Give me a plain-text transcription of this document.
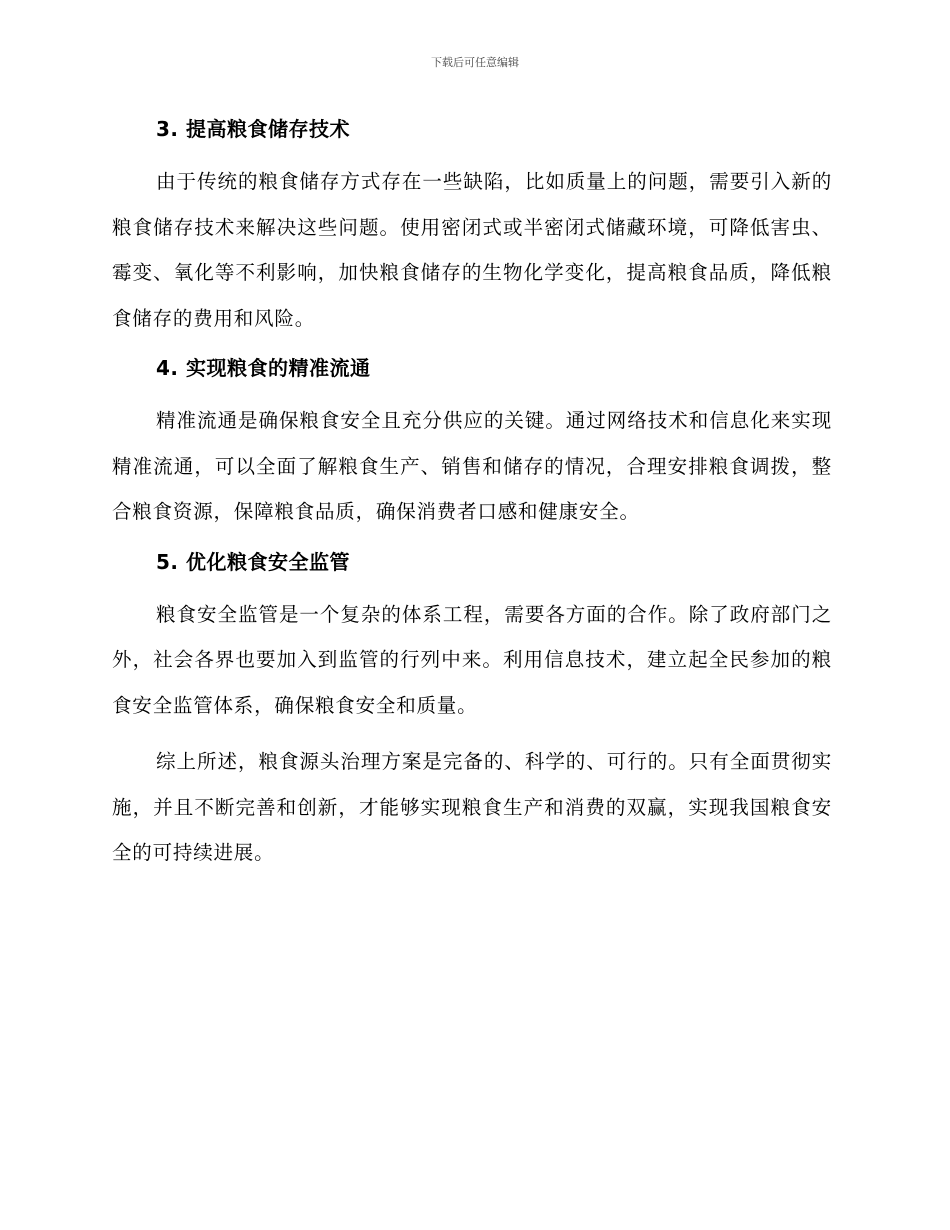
下载后可任意编辑
3. 提高粮食储存技术

由于传统的粮食储存方式存在一些缺陷，比如质量上的问题，需要引入新的粮食储存技术来解决这些问题。使用密闭式或半密闭式储藏环境，可降低害虫、霉变、氧化等不利影响，加快粮食储存的生物化学变化，提高粮食品质，降低粮食储存的费用和风险。

4. 实现粮食的精准流通

精准流通是确保粮食安全且充分供应的关键。通过网络技术和信息化来实现精准流通，可以全面了解粮食生产、销售和储存的情况，合理安排粮食调拨，整合粮食资源，保障粮食品质，确保消费者口感和健康安全。

5. 优化粮食安全监管

粮食安全监管是一个复杂的体系工程，需要各方面的合作。除了政府部门之外，社会各界也要加入到监管的行列中来。利用信息技术，建立起全民参加的粮食安全监管体系，确保粮食安全和质量。

综上所述，粮食源头治理方案是完备的、科学的、可行的。只有全面贯彻实施，并且不断完善和创新，才能够实现粮食生产和消费的双赢，实现我国粮食安全的可持续进展。
